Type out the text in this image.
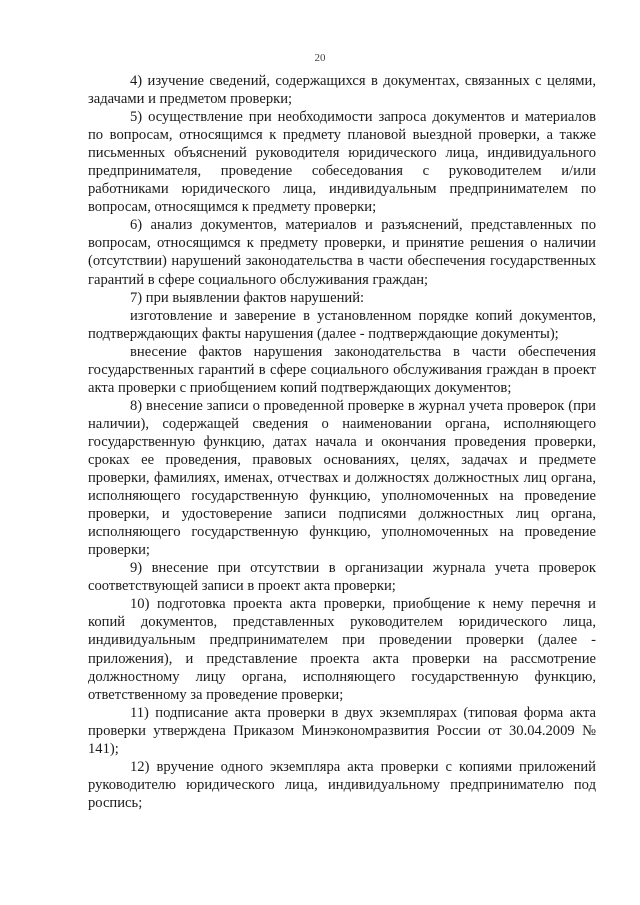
20

4) изучение сведений, содержащихся в документах, связанных с целями, задачами и предметом проверки;

5) осуществление при необходимости запроса документов и материалов по вопросам, относящимся к предмету плановой выездной проверки, а также письменных объяснений руководителя юридического лица, индивидуального предпринимателя, проведение собеседования с руководителем и/или работниками юридического лица, индивидуальным предпринимателем по вопросам, относящимся к предмету проверки;

6) анализ документов, материалов и разъяснений, представленных по вопросам, относящимся к предмету проверки, и принятие решения о наличии (отсутствии) нарушений законодательства в части обеспечения государственных гарантий в сфере социального обслуживания граждан;

7) при выявлении фактов нарушений:

изготовление и заверение в установленном порядке копий документов, подтверждающих факты нарушения (далее - подтверждающие документы);

внесение фактов нарушения законодательства в части обеспечения государственных гарантий в сфере социального обслуживания граждан в проект акта проверки с приобщением копий подтверждающих документов;

8) внесение записи о проведенной проверке в журнал учета проверок (при наличии), содержащей сведения о наименовании органа, исполняющего государственную функцию, датах начала и окончания проведения проверки, сроках ее проведения, правовых основаниях, целях, задачах и предмете проверки, фамилиях, именах, отчествах и должностях должностных лиц органа, исполняющего государственную функцию, уполномоченных на проведение проверки, и удостоверение записи подписями должностных лиц органа, исполняющего государственную функцию, уполномоченных на проведение проверки;

9) внесение при отсутствии в организации журнала учета проверок соответствующей записи в проект акта проверки;

10) подготовка проекта акта проверки, приобщение к нему перечня и копий документов, представленных руководителем юридического лица, индивидуальным предпринимателем при проведении проверки (далее - приложения), и представление проекта акта проверки на рассмотрение должностному лицу органа, исполняющего государственную функцию, ответственному за проведение проверки;

11) подписание акта проверки в двух экземплярах (типовая форма акта проверки утверждена Приказом Минэкономразвития России от 30.04.2009 № 141);

12) вручение одного экземпляра акта проверки с копиями приложений руководителю юридического лица, индивидуальному предпринимателю под роспись;
